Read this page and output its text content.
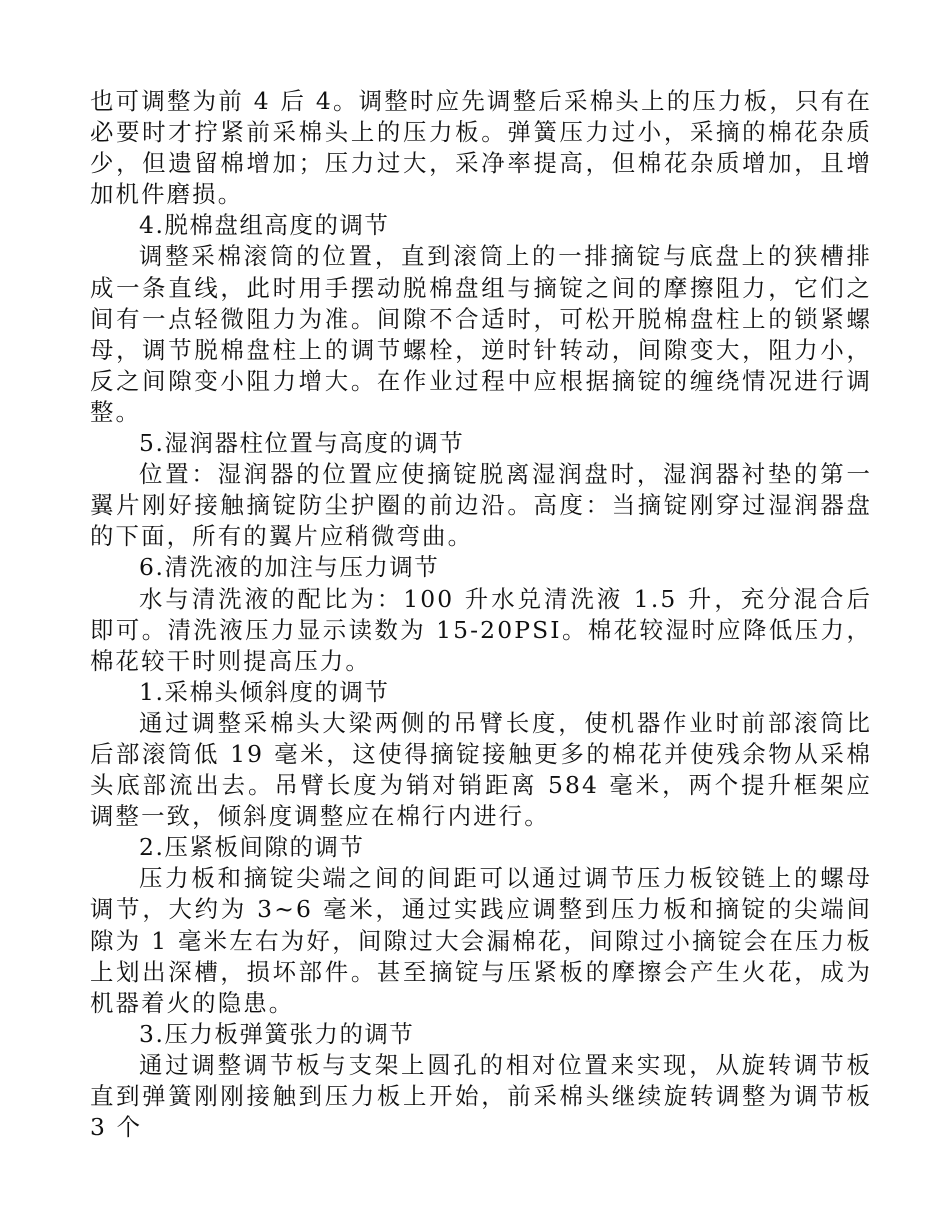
也可调整为前 4 后 4。调整时应先调整后采棉头上的压力板，只有在必要时才拧紧前采棉头上的压力板。弹簧压力过小，采摘的棉花杂质少，但遗留棉增加；压力过大，采净率提高，但棉花杂质增加，且增加机件磨损。

4.脱棉盘组高度的调节

调整采棉滚筒的位置，直到滚筒上的一排摘锭与底盘上的狭槽排成一条直线，此时用手摆动脱棉盘组与摘锭之间的摩擦阻力，它们之间有一点轻微阻力为准。间隙不合适时，可松开脱棉盘柱上的锁紧螺母，调节脱棉盘柱上的调节螺栓，逆时针转动，间隙变大，阻力小，反之间隙变小阻力增大。在作业过程中应根据摘锭的缠绕情况进行调整。

5.湿润器柱位置与高度的调节

位置：湿润器的位置应使摘锭脱离湿润盘时，湿润器衬垫的第一翼片刚好接触摘锭防尘护圈的前边沿。高度：当摘锭刚穿过湿润器盘的下面，所有的翼片应稍微弯曲。

6.清洗液的加注与压力调节

水与清洗液的配比为：100 升水兑清洗液 1.5 升，充分混合后即可。清洗液压力显示读数为 15-20PSI。棉花较湿时应降低压力，棉花较干时则提高压力。

1.采棉头倾斜度的调节

通过调整采棉头大梁两侧的吊臂长度，使机器作业时前部滚筒比后部滚筒低 19 毫米，这使得摘锭接触更多的棉花并使残余物从采棉头底部流出去。吊臂长度为销对销距离 584 毫米，两个提升框架应调整一致，倾斜度调整应在棉行内进行。

2.压紧板间隙的调节

压力板和摘锭尖端之间的间距可以通过调节压力板铰链上的螺母调节，大约为 3~6 毫米，通过实践应调整到压力板和摘锭的尖端间隙为 1 毫米左右为好，间隙过大会漏棉花，间隙过小摘锭会在压力板上划出深槽，损坏部件。甚至摘锭与压紧板的摩擦会产生火花，成为机器着火的隐患。

3.压力板弹簧张力的调节

通过调整调节板与支架上圆孔的相对位置来实现，从旋转调节板直到弹簧刚刚接触到压力板上开始，前采棉头继续旋转调整为调节板 3 个
